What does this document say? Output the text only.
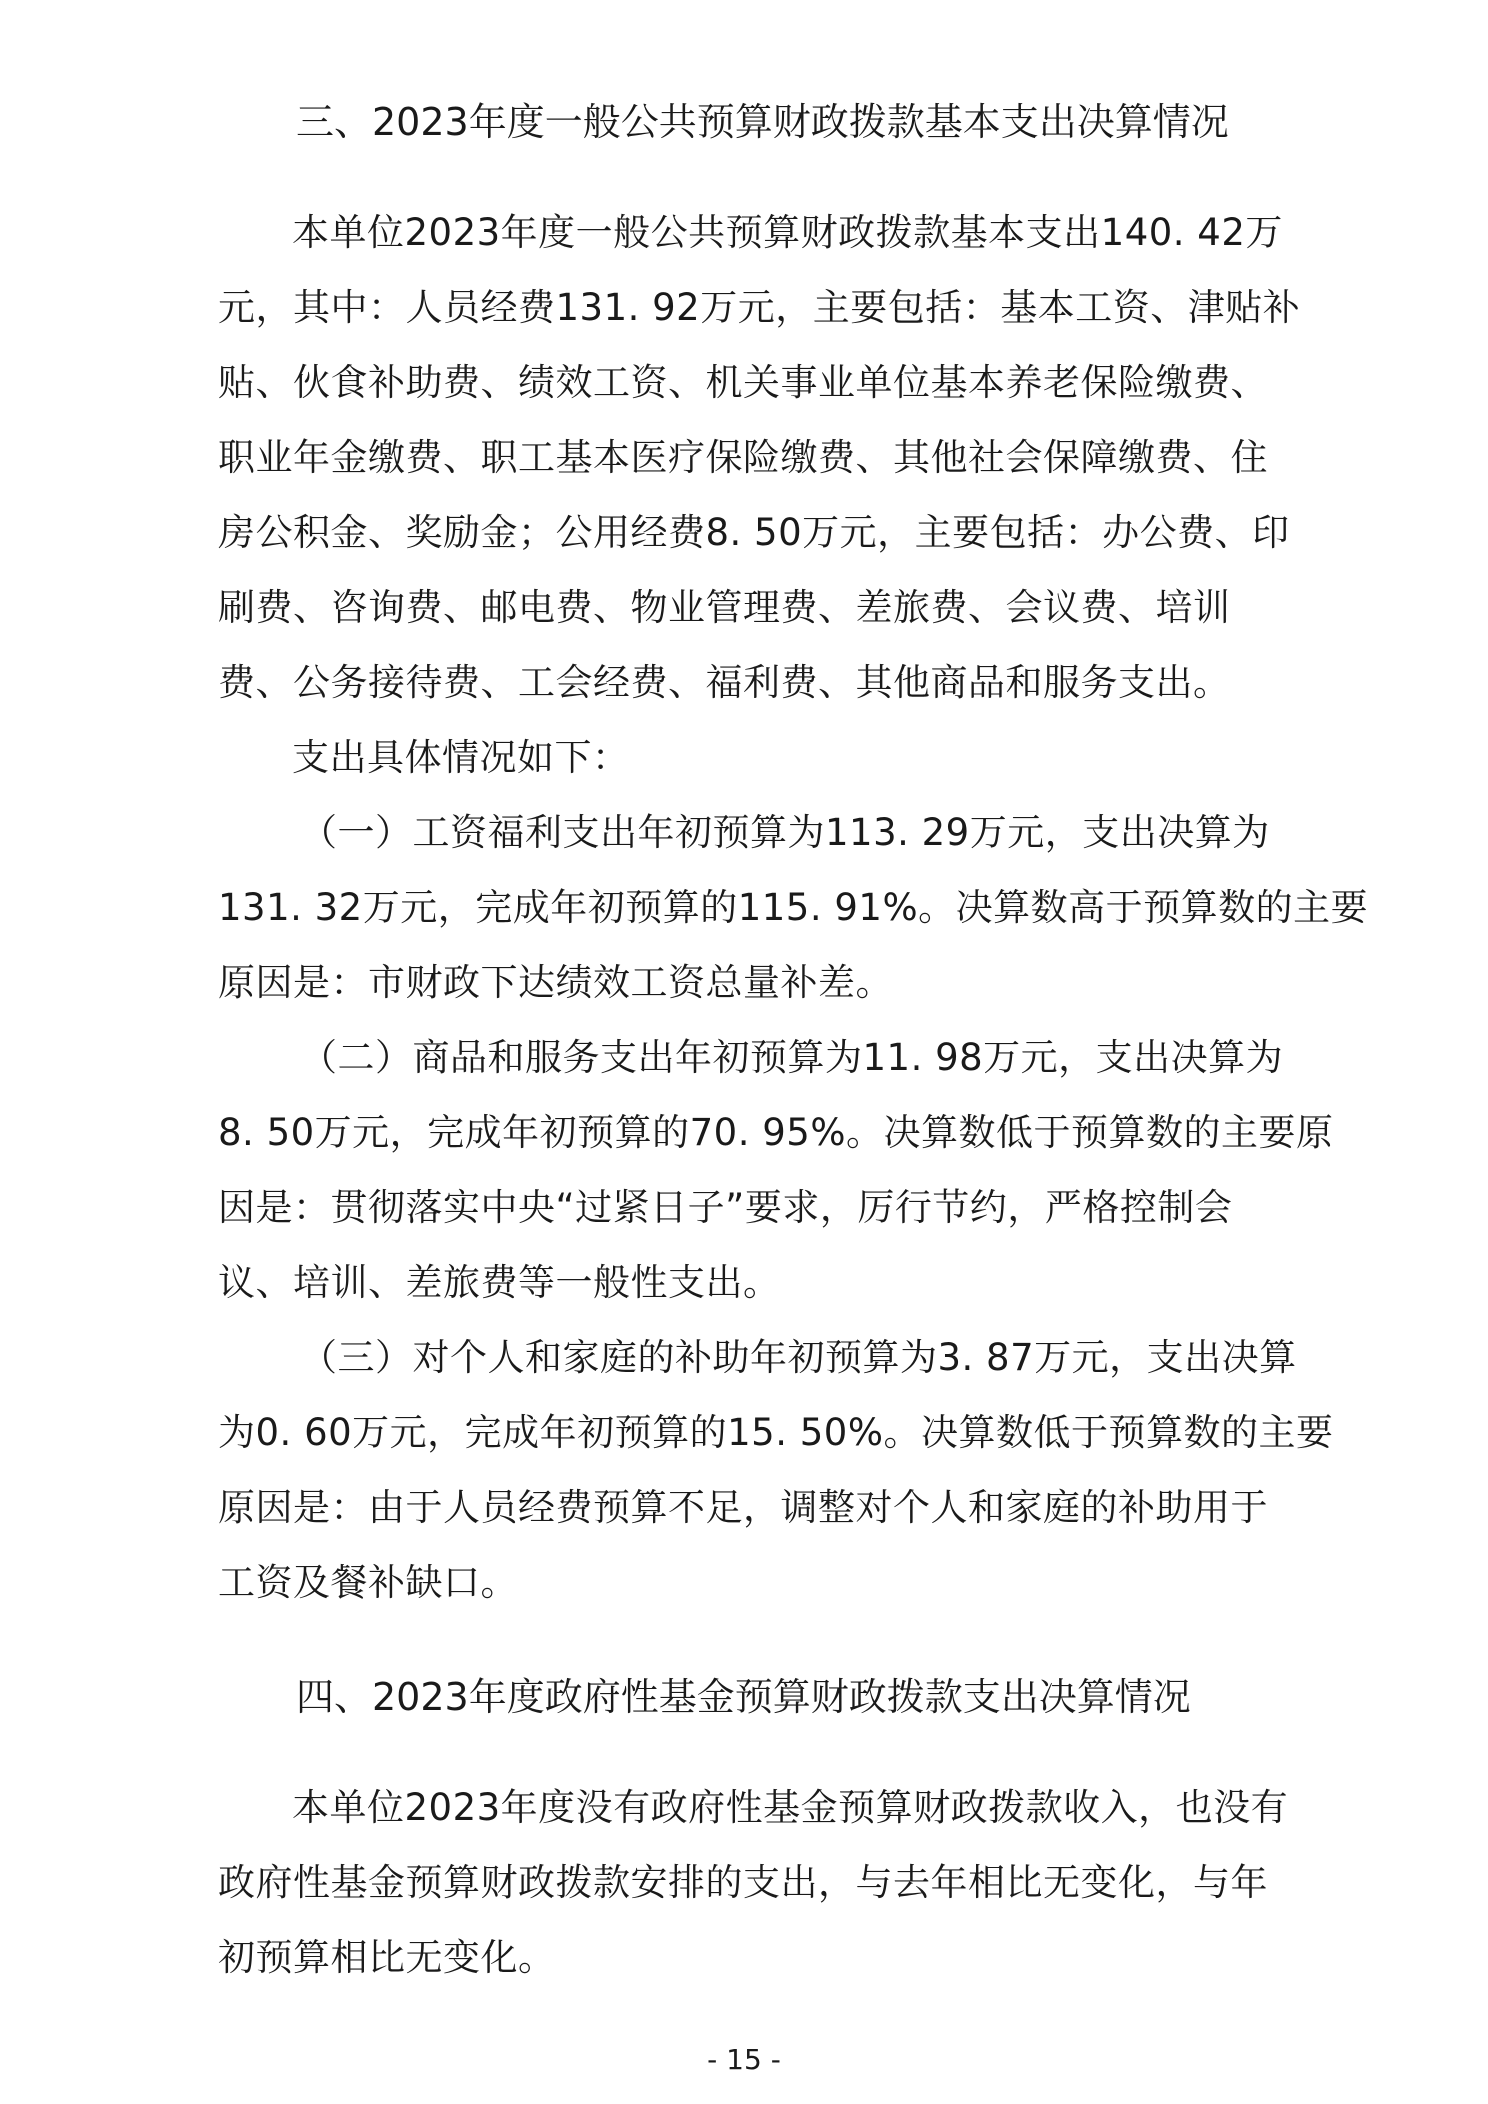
三、2023年度一般公共预算财政拨款基本支出决算情况
本单位2023年度一般公共预算财政拨款基本支出140. 42万
元，其中：人员经费131. 92万元，主要包括：基本工资、津贴补
贴、伙食补助费、绩效工资、机关事业单位基本养老保险缴费、
职业年金缴费、职工基本医疗保险缴费、其他社会保障缴费、住
房公积金、奖励金；公用经费8. 50万元，主要包括：办公费、印
刷费、咨询费、邮电费、物业管理费、差旅费、会议费、培训
费、公务接待费、工会经费、福利费、其他商品和服务支出。
支出具体情况如下：
（一）工资福利支出年初预算为113. 29万元，支出决算为
131. 32万元，完成年初预算的115. 91%。决算数高于预算数的主要
原因是：市财政下达绩效工资总量补差。
（二）商品和服务支出年初预算为11. 98万元，支出决算为
8. 50万元，完成年初预算的70. 95%。决算数低于预算数的主要原
因是：贯彻落实中央“过紧日子”要求，厉行节约，严格控制会
议、培训、差旅费等一般性支出。
（三）对个人和家庭的补助年初预算为3. 87万元，支出决算
为0. 60万元，完成年初预算的15. 50%。决算数低于预算数的主要
原因是：由于人员经费预算不足，调整对个人和家庭的补助用于
工资及餐补缺口。
四、2023年度政府性基金预算财政拨款支出决算情况
本单位2023年度没有政府性基金预算财政拨款收入，也没有
政府性基金预算财政拨款安排的支出，与去年相比无变化，与年
初预算相比无变化。
- 15 -
